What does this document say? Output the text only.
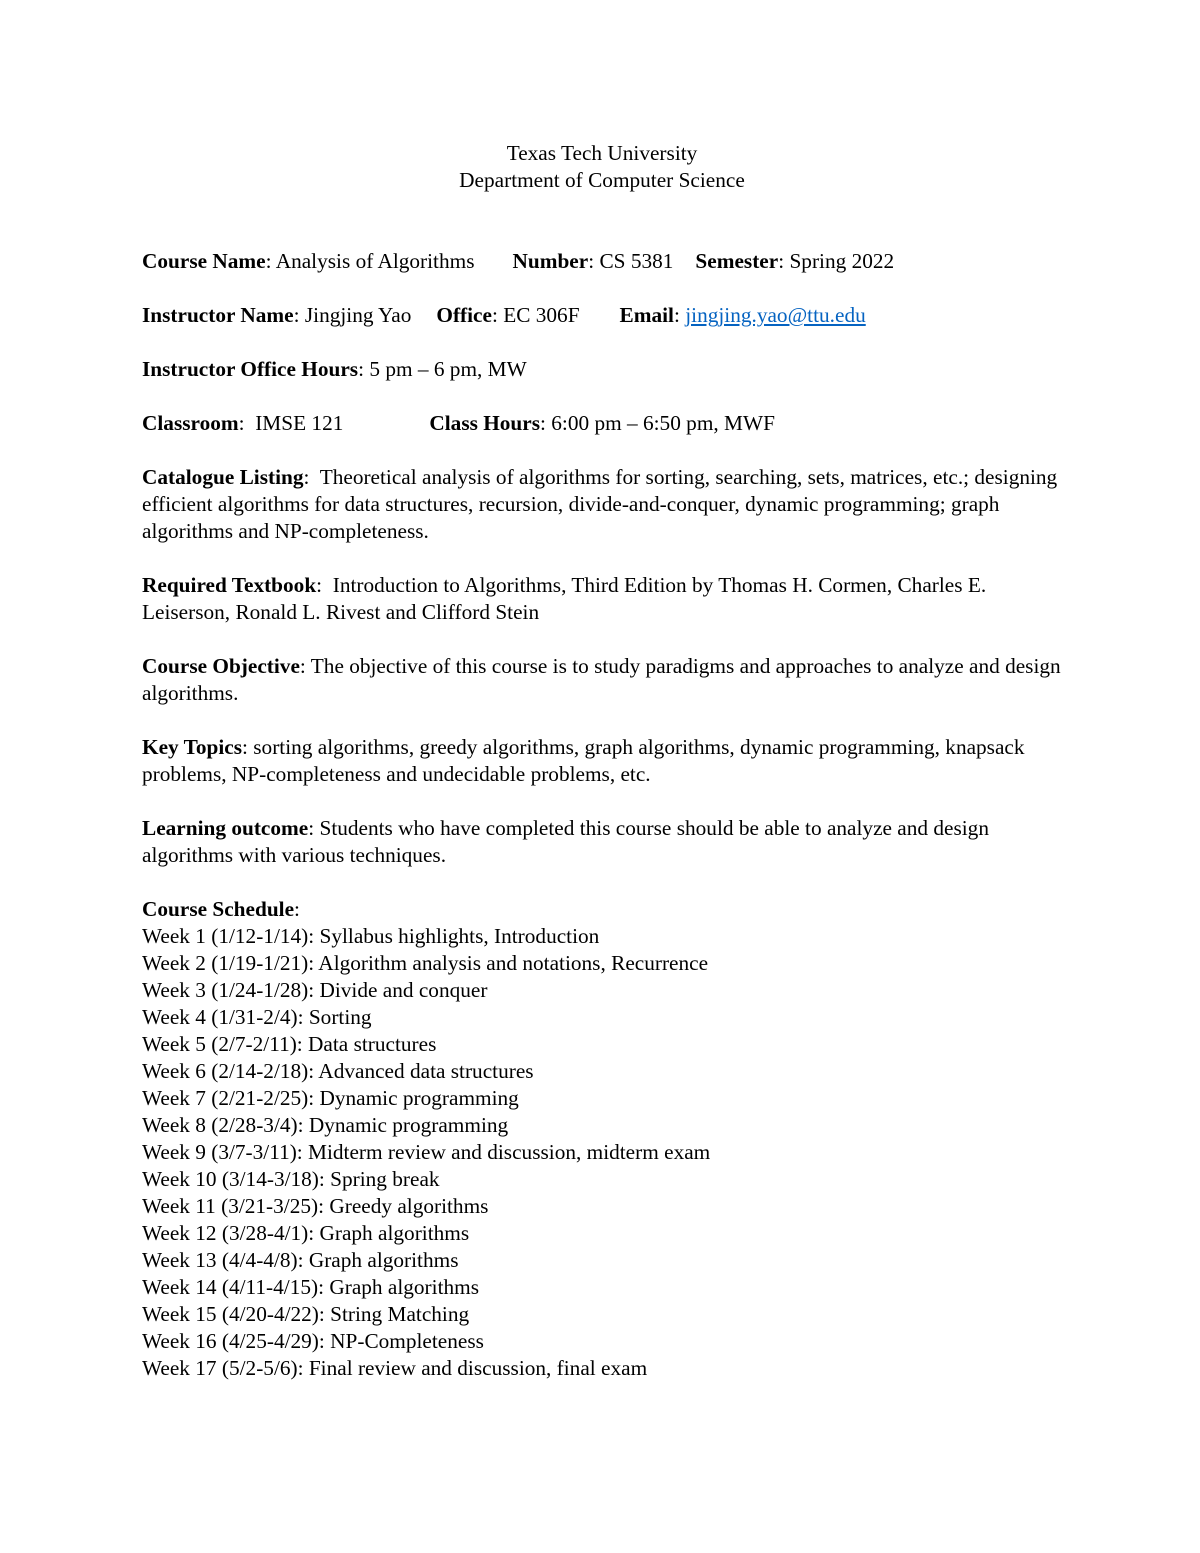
Texas Tech University
Department of Computer Science
Course Name: Analysis of Algorithms Number: CS 5381 Semester: Spring 2022
Instructor Name: Jingjing Yao Office: EC 306F Email: jingjing.yao@ttu.edu
Instructor Office Hours: 5 pm – 6 pm, MW
Classroom:  IMSE 121	Class Hours: 6:00 pm – 6:50 pm, MWF

Catalogue Listing:  Theoretical analysis of algorithms for sorting, searching, sets, matrices, etc.; designing efficient algorithms for data structures, recursion, divide-and-conquer, dynamic programming; graph algorithms and NP-completeness.

Required Textbook:  Introduction to Algorithms, Third Edition by Thomas H. Cormen, Charles E. Leiserson, Ronald L. Rivest and Clifford Stein

Course Objective: The objective of this course is to study paradigms and approaches to analyze and design algorithms.

Key Topics: sorting algorithms, greedy algorithms, graph algorithms, dynamic programming, knapsack problems, NP-completeness and undecidable problems, etc.

Learning outcome: Students who have completed this course should be able to analyze and design algorithms with various techniques.

Course Schedule:
Week 1 (1/12-1/14): Syllabus highlights, Introduction
Week 2 (1/19-1/21): Algorithm analysis and notations, Recurrence
Week 3 (1/24-1/28): Divide and conquer
Week 4 (1/31-2/4): Sorting
Week 5 (2/7-2/11): Data structures
Week 6 (2/14-2/18): Advanced data structures
Week 7 (2/21-2/25): Dynamic programming
Week 8 (2/28-3/4): Dynamic programming
Week 9 (3/7-3/11): Midterm review and discussion, midterm exam
Week 10 (3/14-3/18): Spring break
Week 11 (3/21-3/25): Greedy algorithms
Week 12 (3/28-4/1): Graph algorithms
Week 13 (4/4-4/8): Graph algorithms
Week 14 (4/11-4/15): Graph algorithms
Week 15 (4/20-4/22): String Matching
Week 16 (4/25-4/29): NP-Completeness
Week 17 (5/2-5/6): Final review and discussion, final exam
